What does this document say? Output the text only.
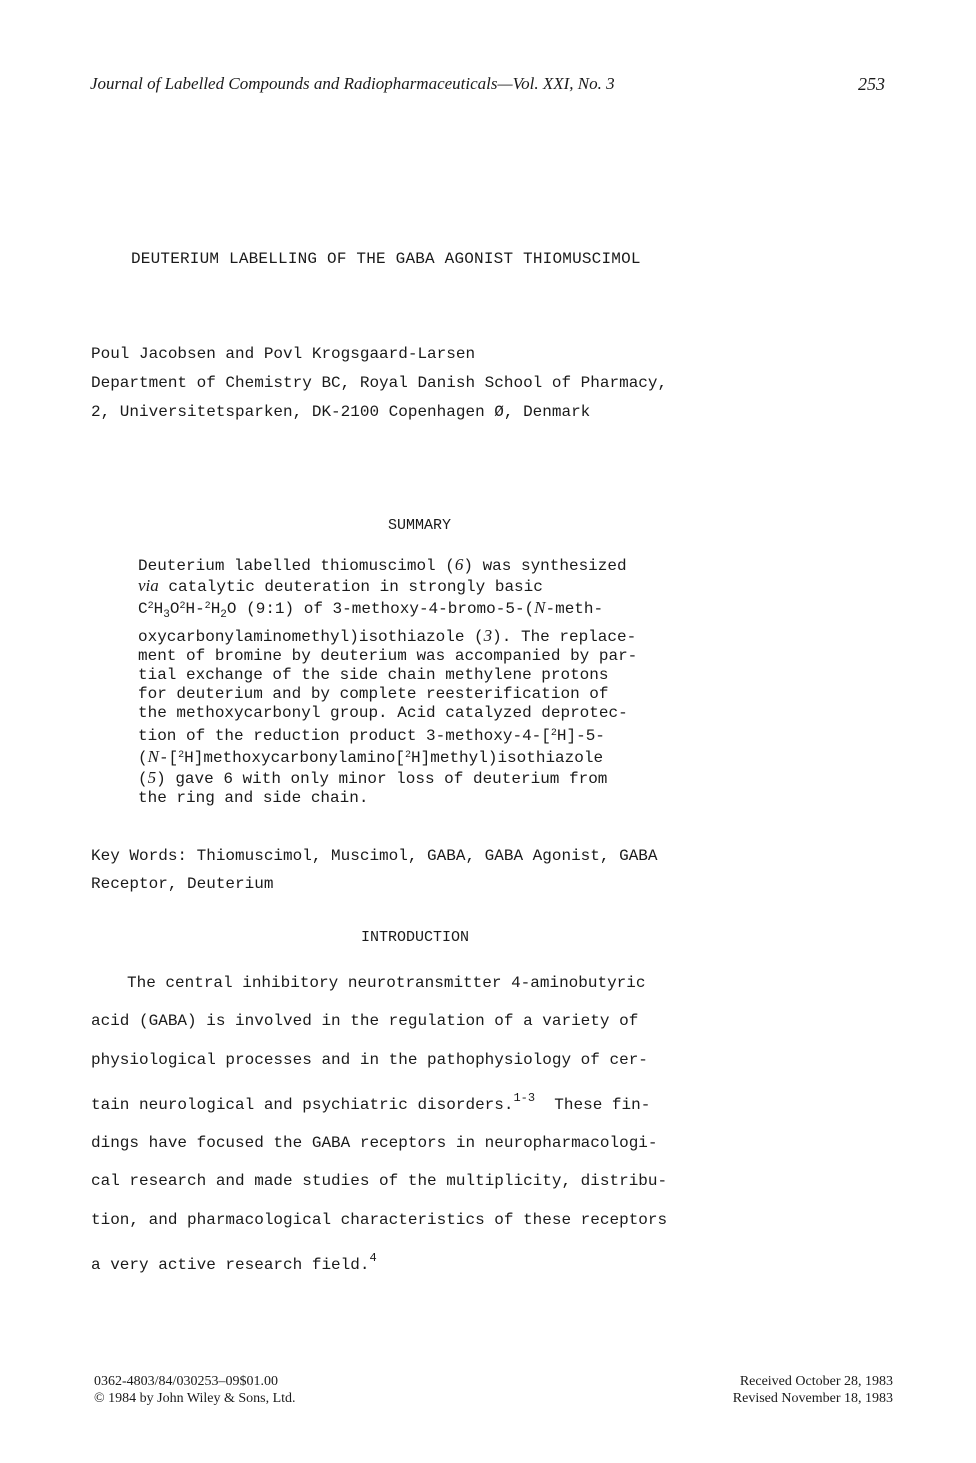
Journal of Labelled Compounds and Radiopharmaceuticals—Vol. XXI, No. 3	253
DEUTERIUM LABELLING OF THE GABA AGONIST THIOMUSCIMOL
Poul Jacobsen and Povl Krogsgaard-Larsen
Department of Chemistry BC, Royal Danish School of Pharmacy,
2, Universitetsparken, DK-2100 Copenhagen Ø, Denmark
SUMMARY
Deuterium labelled thiomuscimol (6) was synthesized
via catalytic deuteration in strongly basic
$C^2H_3O^2H-^2H_2O$ (9:1) of 3-methoxy-4-bromo-5-(N-meth-
oxycarbonylaminomethyl)isothiazole (3). The replace-
ment of bromine by deuterium was accompanied by par-
tial exchange of the side chain methylene protons
for deuterium and by complete reesterification of
the methoxycarbonyl group. Acid catalyzed deprotec-
tion of the reduction product 3-methoxy-4-[$^2$H]-5-
(N-[$^2$H]methoxycarbonylamino[$^2$H]methyl)isothiazole
(5) gave 6 with only minor loss of deuterium from
the ring and side chain.
Key Words: Thiomuscimol, Muscimol, GABA, GABA Agonist, GABA
Receptor, Deuterium
INTRODUCTION
The central inhibitory neurotransmitter 4-aminobutyric
acid (GABA) is involved in the regulation of a variety of
physiological processes and in the pathophysiology of cer-
tain neurological and psychiatric disorders.$^{1-3}$  These fin-
dings have focused the GABA receptors in neuropharmacologi-
cal research and made studies of the multiplicity, distribu-
tion, and pharmacological characteristics of these receptors
a very active research field.$^4$
0362-4803/84/030253–09$01.00
© 1984 by John Wiley & Sons, Ltd.
Received October 28, 1983
Revised November 18, 1983
